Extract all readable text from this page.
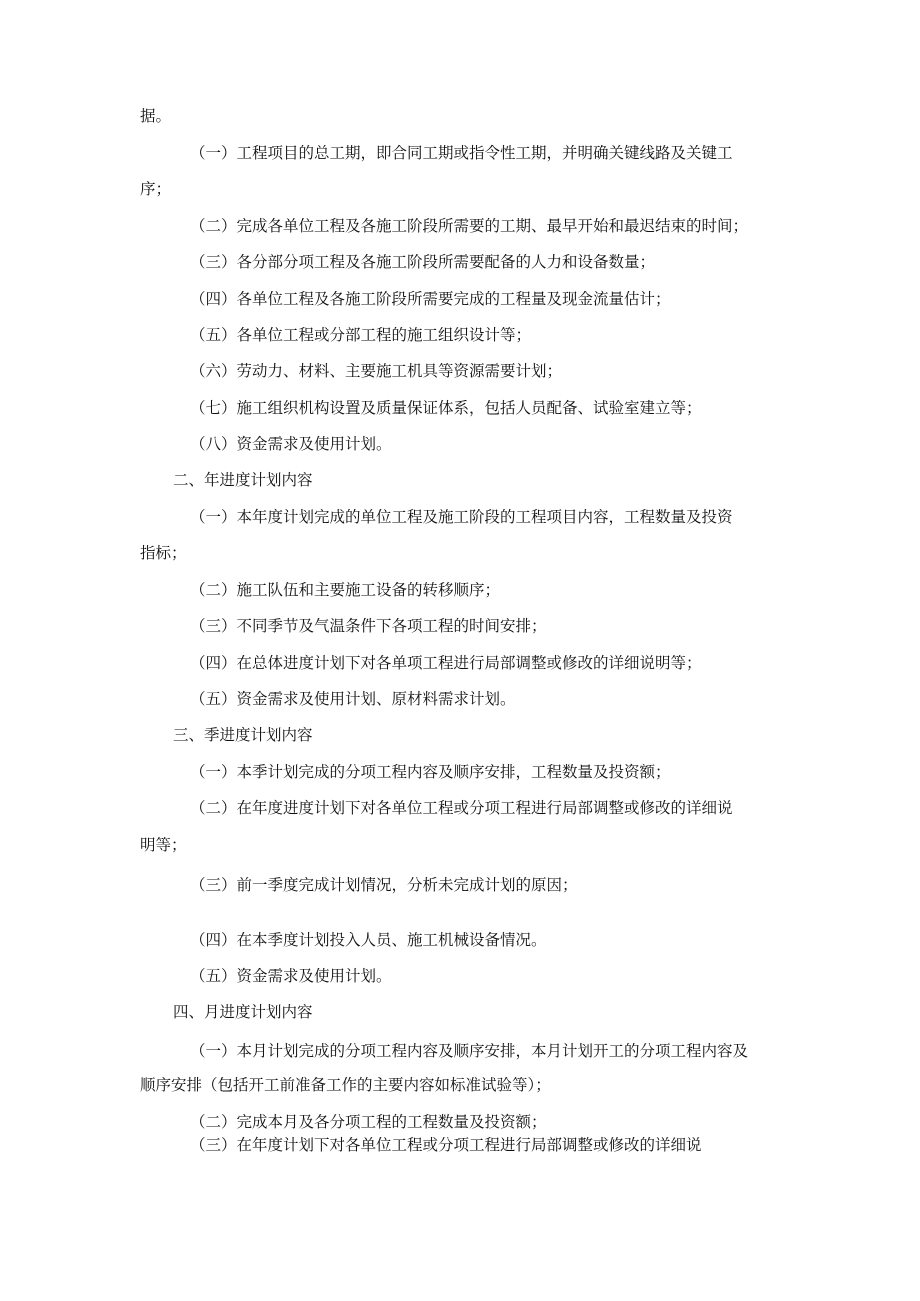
据。
（一）工程项目的总工期，即合同工期或指令性工期，并明确关键线路及关键工
序；
（二）完成各单位工程及各施工阶段所需要的工期、最早开始和最迟结束的时间；
（三）各分部分项工程及各施工阶段所需要配备的人力和设备数量；
（四）各单位工程及各施工阶段所需要完成的工程量及现金流量估计；
（五）各单位工程或分部工程的施工组织设计等；
（六）劳动力、材料、主要施工机具等资源需要计划；
（七）施工组织机构设置及质量保证体系，包括人员配备、试验室建立等；
（八）资金需求及使用计划。
二、年进度计划内容
（一）本年度计划完成的单位工程及施工阶段的工程项目内容，工程数量及投资
指标；
（二）施工队伍和主要施工设备的转移顺序；
（三）不同季节及气温条件下各项工程的时间安排；
（四）在总体进度计划下对各单项工程进行局部调整或修改的详细说明等；
（五）资金需求及使用计划、原材料需求计划。
三、季进度计划内容
（一）本季计划完成的分项工程内容及顺序安排，工程数量及投资额；
（二）在年度进度计划下对各单位工程或分项工程进行局部调整或修改的详细说
明等；
（三）前一季度完成计划情况，分析未完成计划的原因；
（四）在本季度计划投入人员、施工机械设备情况。
（五）资金需求及使用计划。
四、月进度计划内容
（一）本月计划完成的分项工程内容及顺序安排，本月计划开工的分项工程内容及
顺序安排（包括开工前准备工作的主要内容如标准试验等）；
（二）完成本月及各分项工程的工程数量及投资额；
（三）在年度计划下对各单位工程或分项工程进行局部调整或修改的详细说
